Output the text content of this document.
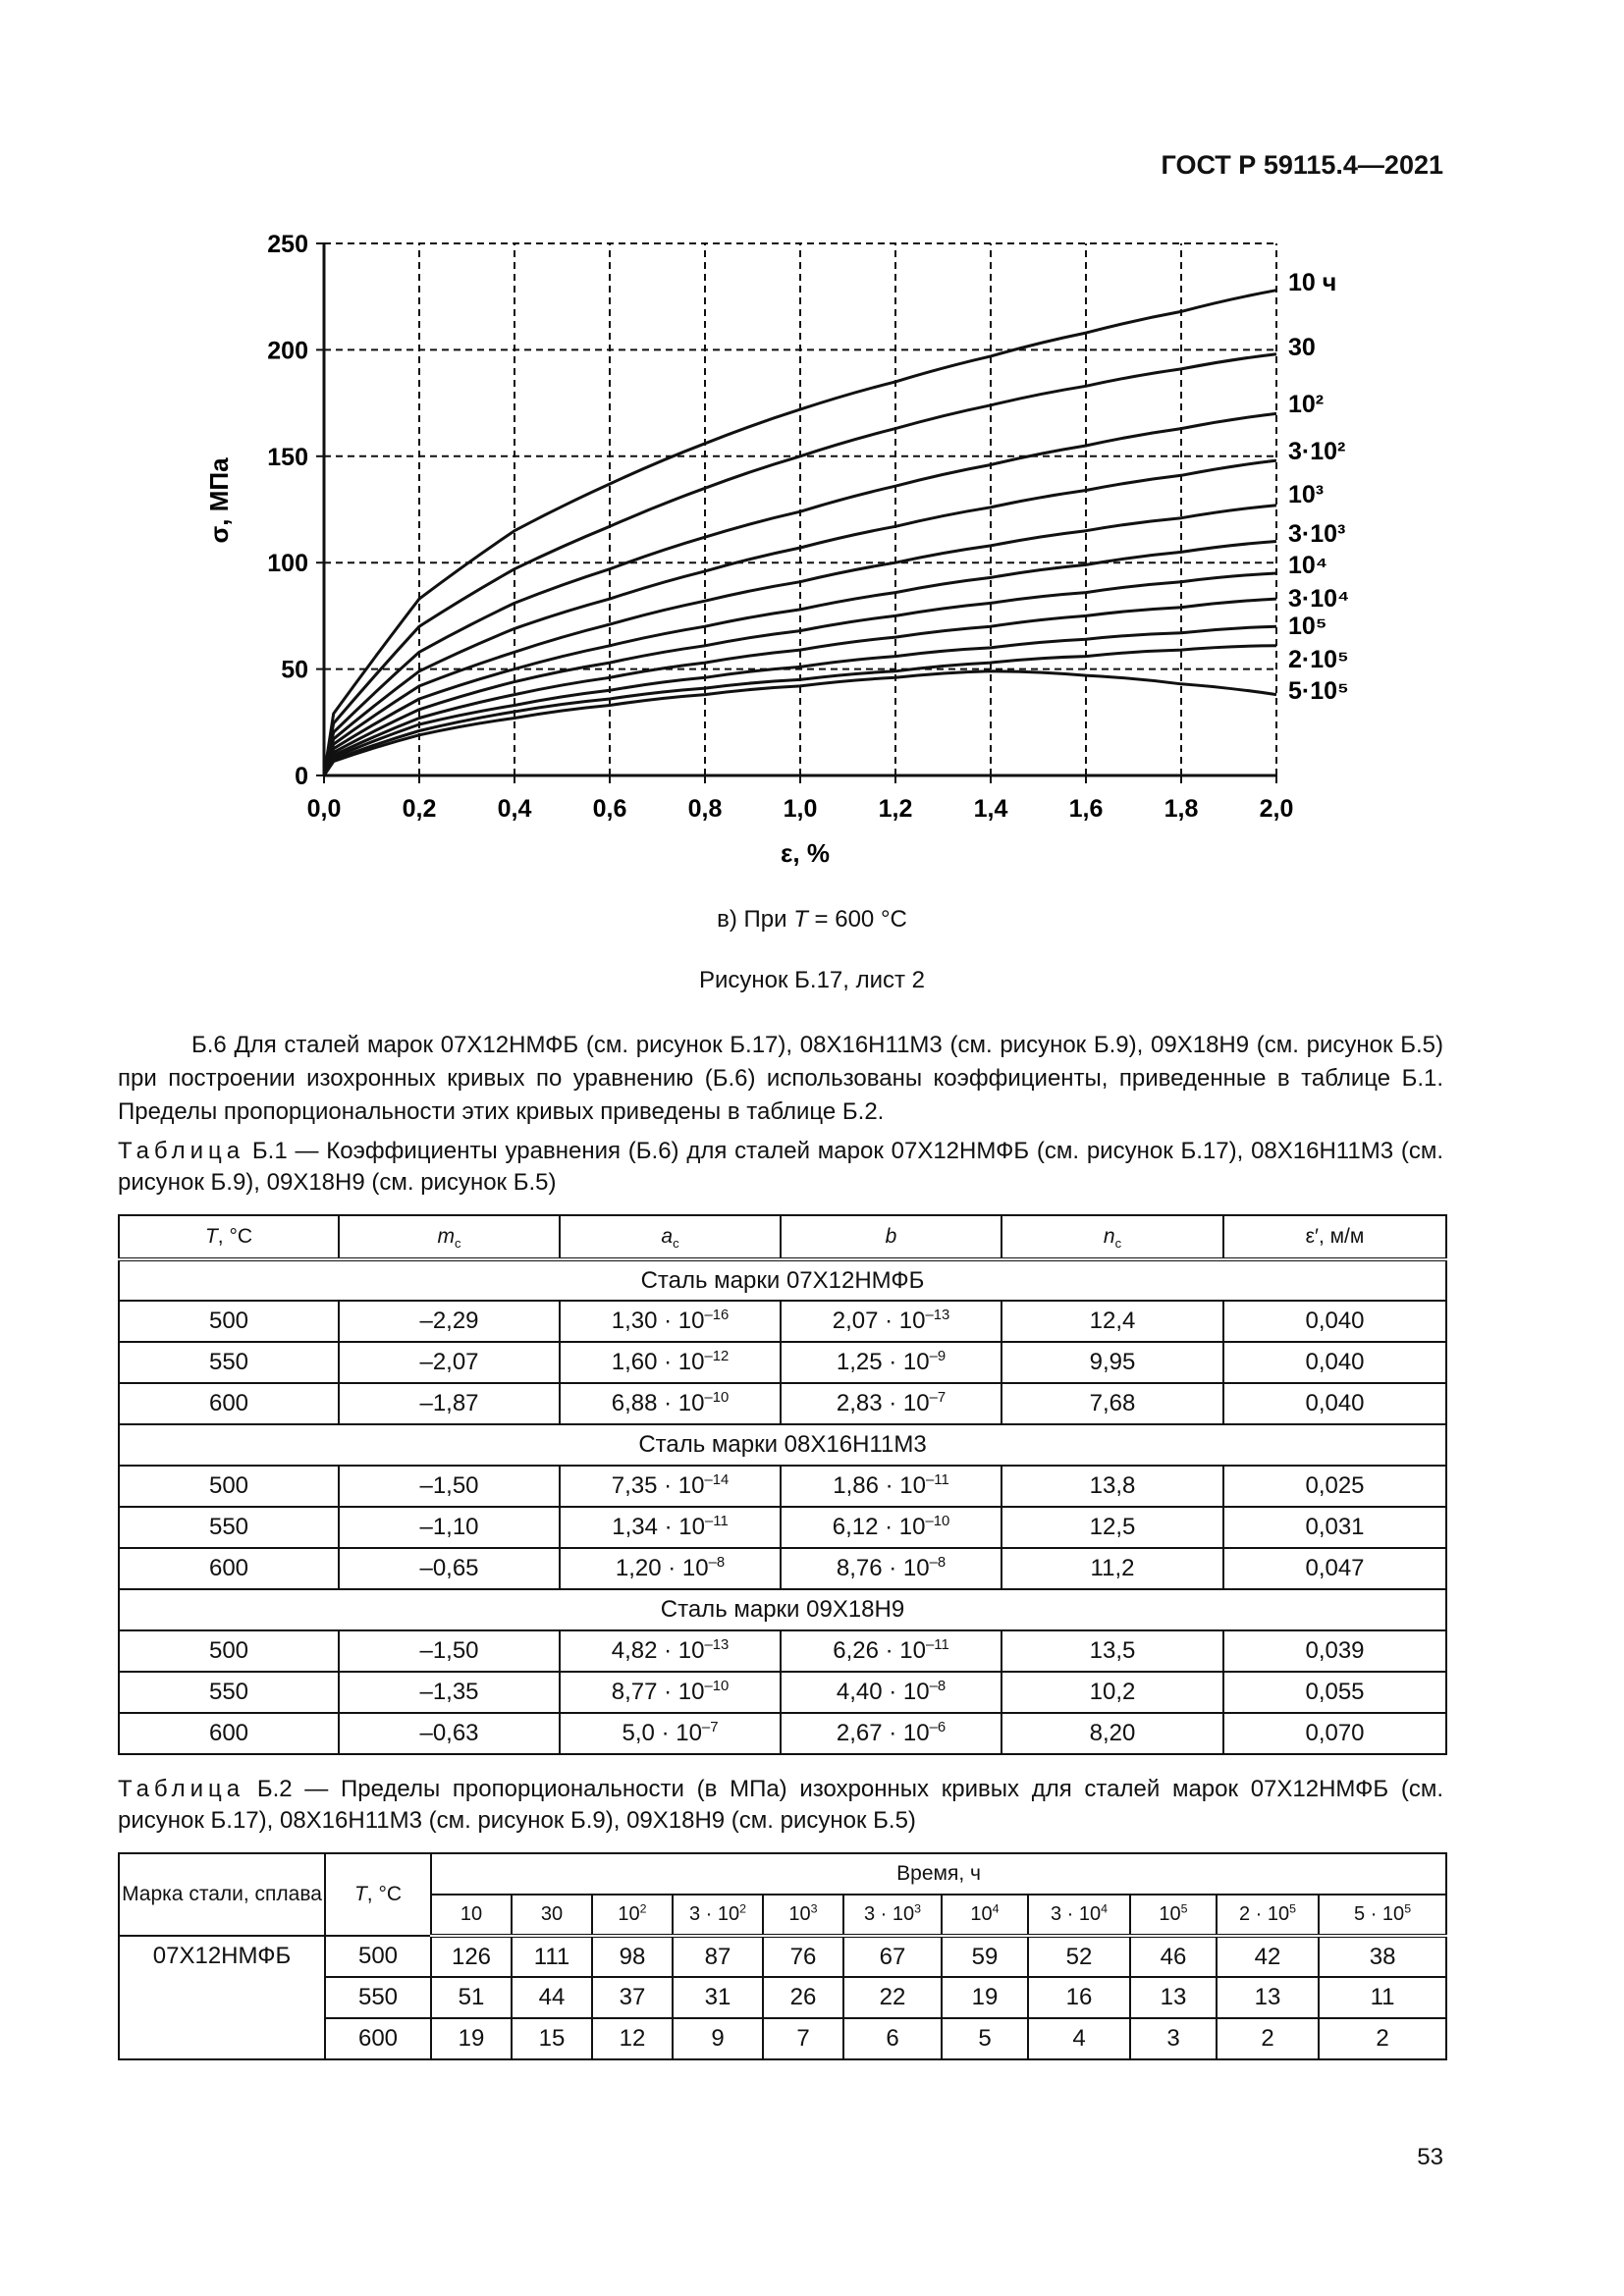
ГОСТ Р 59115.4—2021
10 ч
30
10²
3·10²
10³
3·10³
10⁴
3·10⁴
10⁵
2·10⁵
5·10⁵
0,0 0,2 0,4 0,6 0,8 1,0 1,2 1,4 1,6 1,8 2,0
0
50
100
150
200
250
ε, %
σ, МПа
в) При T = 600 °C
Рисунок Б.17, лист 2

Б.6 Для сталей марок 07Х12НМФБ (см. рисунок Б.17), 08Х16Н11М3 (см. рисунок Б.9), 09Х18Н9 (см. рисунок Б.5) при построении изохронных кривых по уравнению (Б.6) использованы коэффициенты, приведенные в таблице Б.1. Пределы пропорциональности этих кривых приведены в таблице Б.2.

Таблица Б.1 — Коэффициенты уравнения (Б.6) для сталей марок 07Х12НМФБ (см. рисунок Б.17), 08Х16Н11М3 (см. рисунок Б.9), 09Х18Н9 (см. рисунок Б.5)

T, °C	$m_c$	$a_c$	b	$n_c$	ε′, м/м
Сталь марки 07Х12НМФБ					
500	–2,29	$1,30 \cdot 10^{-16}$	$2,07 \cdot 10^{-13}$	12,4	0,040
550	–2,07	$1,60 \cdot 10^{-12}$	$1,25 \cdot 10^{-9}$	9,95	0,040
600	–1,87	$6,88 \cdot 10^{-10}$	$2,83 \cdot 10^{-7}$	7,68	0,040
Сталь марки 08Х16Н11М3					
500	–1,50	$7,35 \cdot 10^{-14}$	$1,86 \cdot 10^{-11}$	13,8	0,025
550	–1,10	$1,34 \cdot 10^{-11}$	$6,12 \cdot 10^{-10}$	12,5	0,031
600	–0,65	$1,20 \cdot 10^{-8}$	$8,76 \cdot 10^{-8}$	11,2	0,047
Сталь марки 09Х18Н9					
500	–1,50	$4,82 \cdot 10^{-13}$	$6,26 \cdot 10^{-11}$	13,5	0,039
550	–1,35	$8,77 \cdot 10^{-10}$	$4,40 \cdot 10^{-8}$	10,2	0,055
600	–0,63	$5,0 \cdot 10^{-7}$	$2,67 \cdot 10^{-6}$	8,20	0,070

Таблица Б.2 — Пределы пропорциональности (в МПа) изохронных кривых для сталей марок 07Х12НМФБ (см. рисунок Б.17), 08Х16Н11М3 (см. рисунок Б.9), 09Х18Н9 (см. рисунок Б.5)

Марка стали, сплава	T, °C	Время, ч										
		10	30	$10^2$	$3 \cdot 10^2$	$10^3$	$3 \cdot 10^3$	$10^4$	$3 \cdot 10^4$	$10^5$	$2 \cdot 10^5$	$5 \cdot 10^5$
07Х12НМФБ	500	126	111	98	87	76	67	59	52	46	42	38
	550	51	44	37	31	26	22	19	16	13	13	11
	600	19	15	12	9	7	6	5	4	3	2	2
53
